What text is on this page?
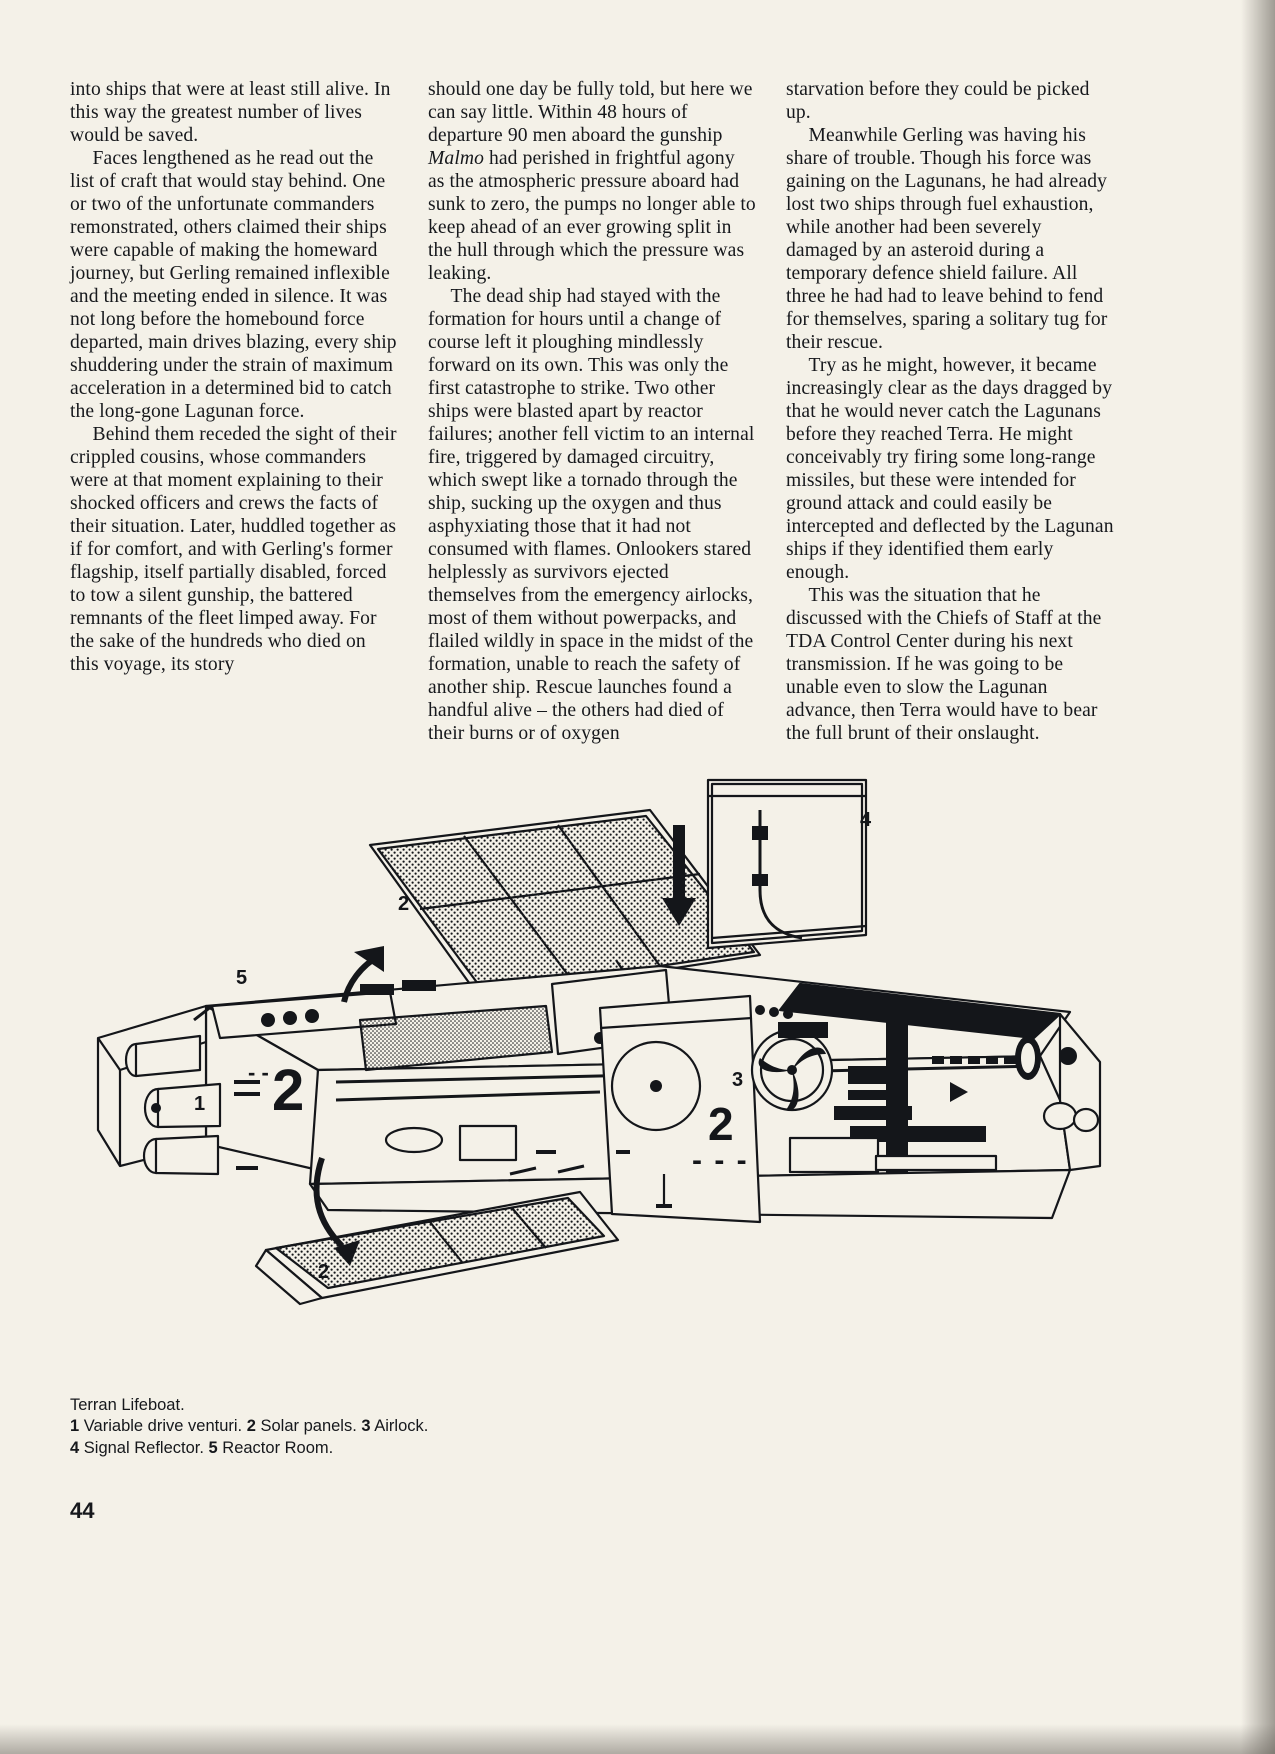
into ships that were at least still alive. In this way the greatest number of lives would be saved.

Faces lengthened as he read out the list of craft that would stay behind. One or two of the unfortunate commanders remonstrated, others claimed their ships were capable of making the homeward journey, but Gerling remained inflexible and the meeting ended in silence. It was not long before the homebound force departed, main drives blazing, every ship shuddering under the strain of maximum acceleration in a determined bid to catch the long-gone Lagunan force.

Behind them receded the sight of their crippled cousins, whose commanders were at that moment explaining to their shocked officers and crews the facts of their situation. Later, huddled together as if for comfort, and with Gerling's former flagship, itself partially disabled, forced to tow a silent gunship, the battered remnants of the fleet limped away. For the sake of the hundreds who died on this voyage, its story

should one day be fully told, but here we can say little. Within 48 hours of departure 90 men aboard the gunship Malmo had perished in frightful agony as the atmospheric pressure aboard had sunk to zero, the pumps no longer able to keep ahead of an ever growing split in the hull through which the pressure was leaking.

The dead ship had stayed with the formation for hours until a change of course left it ploughing mindlessly forward on its own. This was only the first catastrophe to strike. Two other ships were blasted apart by reactor failures; another fell victim to an internal fire, triggered by damaged circuitry, which swept like a tornado through the ship, sucking up the oxygen and thus asphyxiating those that it had not consumed with flames. Onlookers stared helplessly as survivors ejected themselves from the emergency airlocks, most of them without powerpacks, and flailed wildly in space in the midst of the formation, unable to reach the safety of another ship. Rescue launches found a handful alive – the others had died of their burns or of oxygen

starvation before they could be picked up.

Meanwhile Gerling was having his share of trouble. Though his force was gaining on the Lagunans, he had already lost two ships through fuel exhaustion, while another had been severely damaged by an asteroid during a temporary defence shield failure. All three he had had to leave behind to fend for themselves, sparing a solitary tug for their rescue.

Try as he might, however, it became increasingly clear as the days dragged by that he would never catch the Lagunans before they reached Terra. He might conceivably try firing some long-range missiles, but these were intended for ground attack and could easily be intercepted and deflected by the Lagunan ships if they identified them early enough.

This was the situation that he discussed with the Chiefs of Staff at the TDA Control Center during his next transmission. If he was going to be unable even to slow the Lagunan advance, then Terra would have to bear the full brunt of their onslaught.

2
2
3
4
5
1 2
2
- - -
- -
Terran Lifeboat.
1 Variable drive venturi. 2 Solar panels. 3 Airlock.
4 Signal Reflector. 5 Reactor Room.
44
